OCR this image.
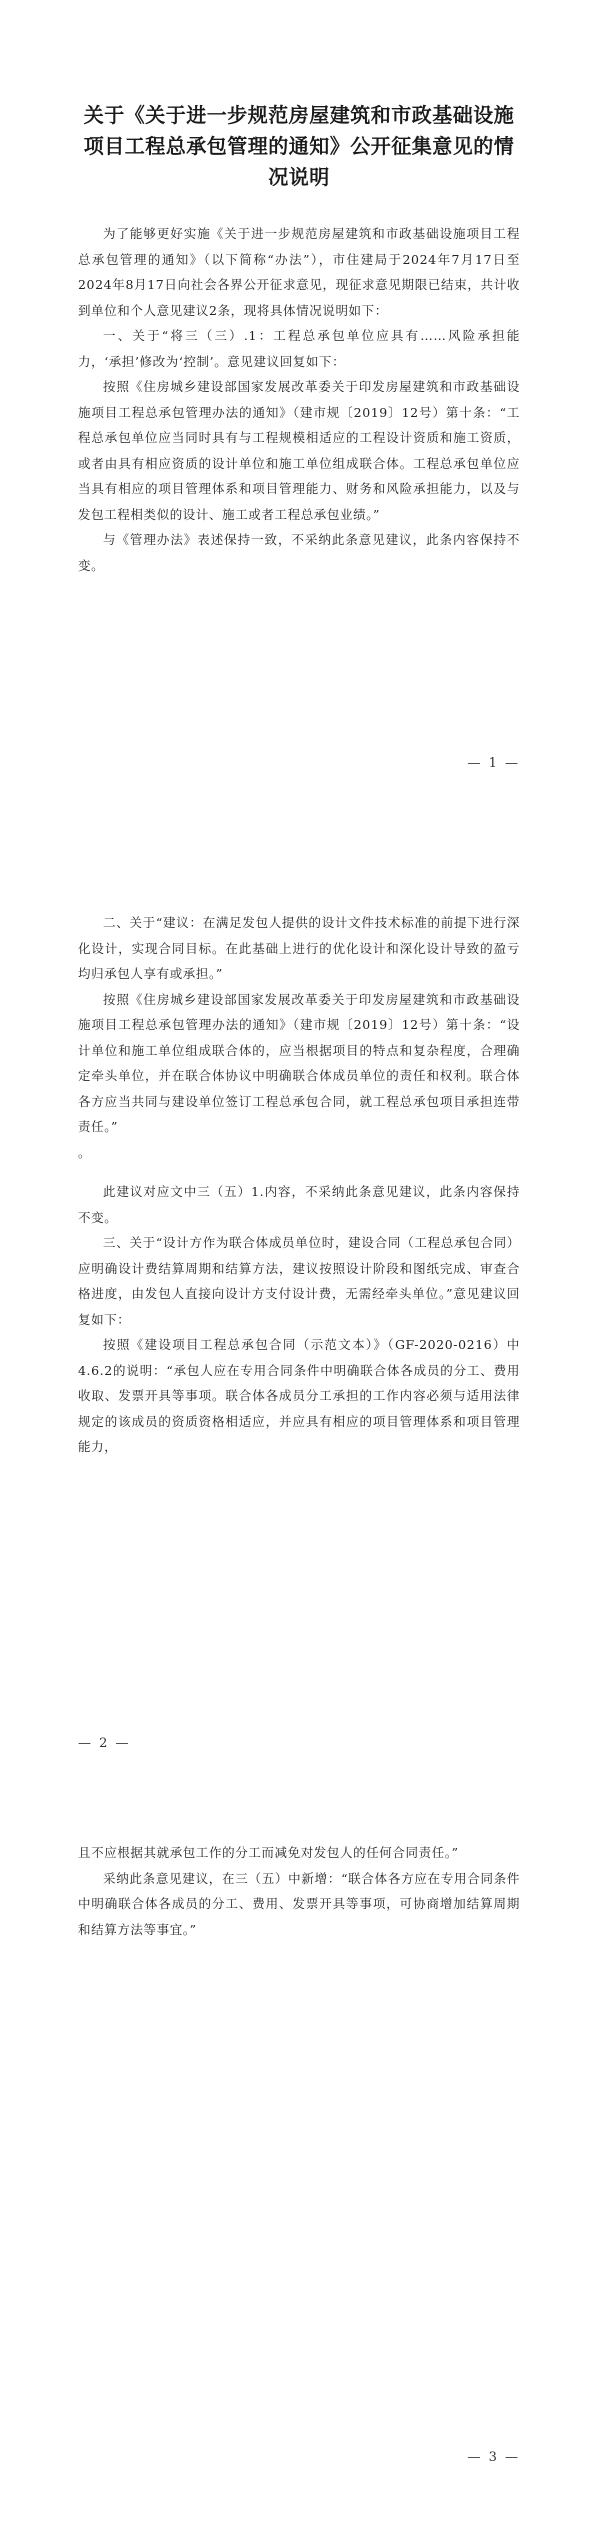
关于《关于进一步规范房屋建筑和市政基础设施项目工程总承包管理的通知》公开征集意见的情况说明

为了能够更好实施《关于进一步规范房屋建筑和市政基础设施项目工程总承包管理的通知》（以下简称“办法”），市住建局于2024年7月17日至2024年8月17日向社会各界公开征求意见，现征求意见期限已结束，共计收到单位和个人意见建议2条，现将具体情况说明如下：

一、关于“将三（三）.1：工程总承包单位应具有……风险承担能力，‘承担’修改为‘控制’。意见建议回复如下：

按照《住房城乡建设部国家发展改革委关于印发房屋建筑和市政基础设施项目工程总承包管理办法的通知》（建市规〔2019〕12号）第十条：“工程总承包单位应当同时具有与工程规模相适应的工程设计资质和施工资质，或者由具有相应资质的设计单位和施工单位组成联合体。工程总承包单位应当具有相应的项目管理体系和项目管理能力、财务和风险承担能力，以及与发包工程相类似的设计、施工或者工程总承包业绩。”

与《管理办法》表述保持一致，不采纳此条意见建议，此条内容保持不变。

— 1 —

二、关于“建议：在满足发包人提供的设计文件技术标准的前提下进行深化设计，实现合同目标。在此基础上进行的优化设计和深化设计导致的盈亏均归承包人享有或承担。”

按照《住房城乡建设部国家发展改革委关于印发房屋建筑和市政基础设施项目工程总承包管理办法的通知》（建市规〔2019〕12号）第十条：“设计单位和施工单位组成联合体的，应当根据项目的特点和复杂程度，合理确定牵头单位，并在联合体协议中明确联合体成员单位的责任和权利。联合体各方应当共同与建设单位签订工程总承包合同，就工程总承包项目承担连带责任。”

。

此建议对应文中三（五）1.内容，不采纳此条意见建议，此条内容保持不变。

三、关于“设计方作为联合体成员单位时，建设合同（工程总承包合同）应明确设计费结算周期和结算方法，建议按照设计阶段和图纸完成、审查合格进度，由发包人直接向设计方支付设计费，无需经牵头单位。”意见建议回复如下：

按照《建设项目工程总承包合同（示范文本）》（GF-2020-0216）中4.6.2的说明：“承包人应在专用合同条件中明确联合体各成员的分工、费用收取、发票开具等事项。联合体各成员分工承担的工作内容必须与适用法律规定的该成员的资质资格相适应，并应具有相应的项目管理体系和项目管理能力，

— 2 —

且不应根据其就承包工作的分工而减免对发包人的任何合同责任。”

采纳此条意见建议，在三（五）中新增：“联合体各方应在专用合同条件中明确联合体各成员的分工、费用、发票开具等事项，可协商增加结算周期和结算方法等事宜。”

— 3 —
